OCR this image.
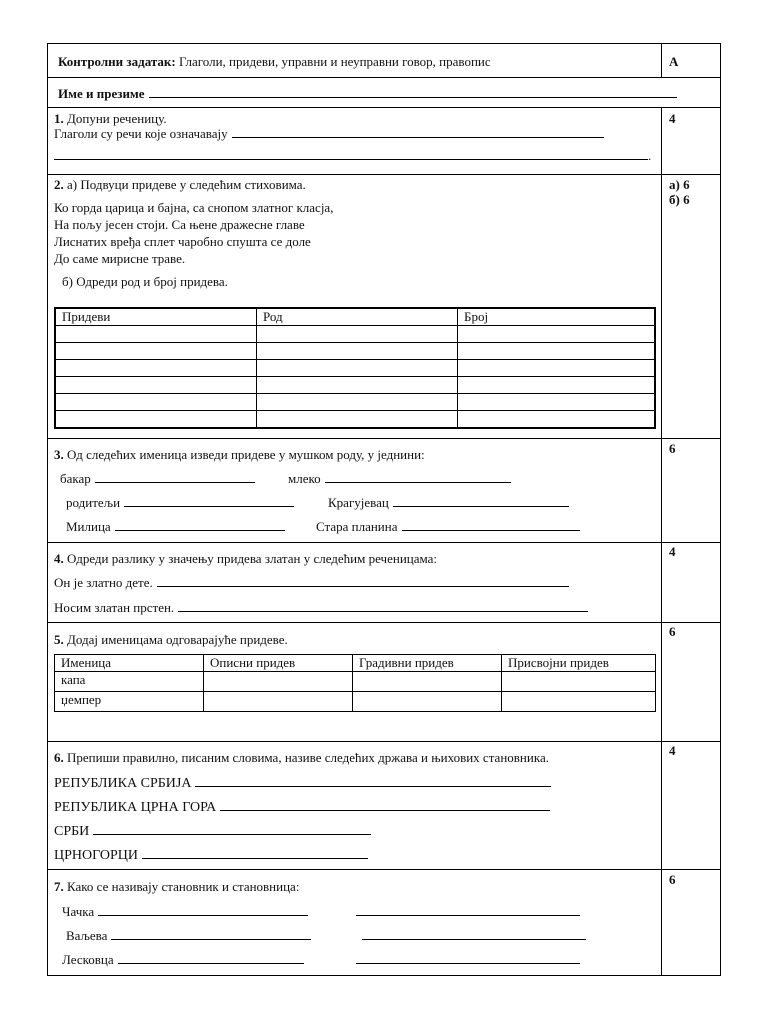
Контролни задатак: Глаголи, придеви, управни и неуправни говор, правопис	А
Име и презиме
1. Допуни реченицу.
Глаголи су речи које означавају
.
4
2. а) Подвуци придеве у следећим стиховима.
Ко горда царица и бајна, са снопом златног класја,
На пољу јесен стоји. Са њене дражесне главе
Лиснатих вређа сплет чаробно спушта се доле
До саме мирисне траве.
б) Одреди род и број придева.
Придеви	Род	Број

а) 6
б) 6
3. Од следећих именица изведи придеве у мушком роду, у једнини:
бакар	млеко
родитељи	Крагујевац
Милица	Стара планина
6
4. Одреди разлику у значењу придева златан у следећим реченицама:
Он је златно дете.
Носим златан прстен.
4
5. Додај именицама одговарајуће придеве.
Именица	Описни придев	Градивни придев	Присвојни придев
капа			
џемпер			
6
6. Препиши правилно, писаним словима, називе следећих држава и њихових становника.
РЕПУБЛИКА СРБИЈА
РЕПУБЛИКА ЦРНА ГОРА
СРБИ
ЦРНОГОРЦИ
4
7. Како се називају становник и становница:
Чачка
Ваљева
Лесковца
6
